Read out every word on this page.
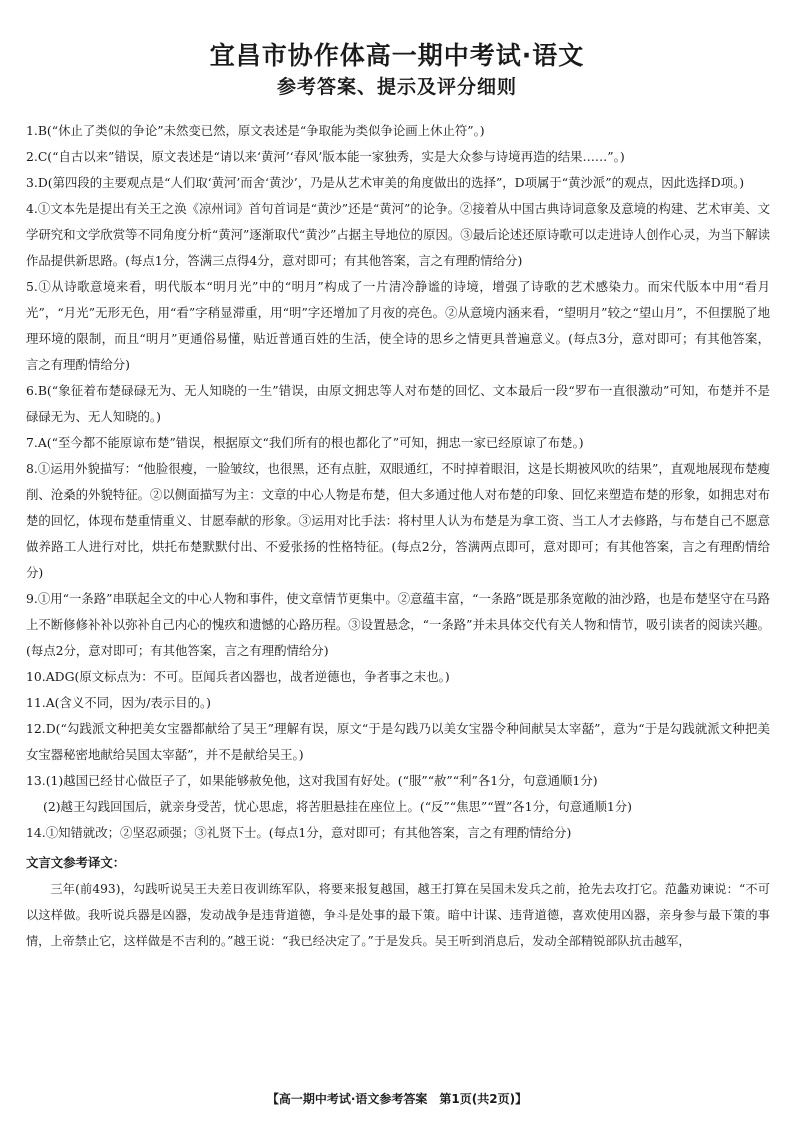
宜昌市协作体高一期中考试·语文
参考答案、提示及评分细则

1.B(“休止了类似的争论”未然变已然，原文表述是“争取能为类似争论画上休止符”。)

2.C(“自古以来”错误，原文表述是“请以来‘黄河’‘春风’版本能一家独秀，实是大众参与诗境再造的结果……”。)

3.D(第四段的主要观点是“人们取‘黄河’而舍‘黄沙’，乃是从艺术审美的角度做出的选择”，D项属于“黄沙派”的观点，因此选择D项。)

4.①文本先是提出有关王之涣《凉州词》首句首词是“黄沙”还是“黄河”的论争。②接着从中国古典诗词意象及意境的构建、艺术审美、文学研究和文学欣赏等不同角度分析“黄河”逐渐取代“黄沙”占据主导地位的原因。③最后论述还原诗歌可以走进诗人创作心灵，为当下解读作品提供新思路。(每点1分，答满三点得4分，意对即可；有其他答案，言之有理酌情给分)

5.①从诗歌意境来看，明代版本“明月光”中的“明月”构成了一片清冷静谧的诗境，增强了诗歌的艺术感染力。而宋代版本中用“看月光”，“月光”无形无色，用“看”字稍显滞重，用“明”字还增加了月夜的亮色。②从意境内涵来看，“望明月”较之“望山月”，不但摆脱了地理环境的限制，而且“明月”更通俗易懂，贴近普通百姓的生活，使全诗的思乡之情更具普遍意义。(每点3分，意对即可；有其他答案，言之有理酌情给分)

6.B(“象征着布楚碌碌无为、无人知晓的一生”错误，由原文拥忠等人对布楚的回忆、文本最后一段“罗布一直很激动”可知，布楚并不是碌碌无为、无人知晓的。)

7.A(“至今都不能原谅布楚”错误，根据原文“我们所有的根也都化了”可知，拥忠一家已经原谅了布楚。)

8.①运用外貌描写：“他脸很瘦，一脸皱纹，也很黑，还有点脏，双眼通红，不时掉着眼泪，这是长期被风吹的结果”，直观地展现布楚瘦削、沧桑的外貌特征。②以侧面描写为主：文章的中心人物是布楚，但大多通过他人对布楚的印象、回忆来塑造布楚的形象，如拥忠对布楚的回忆，体现布楚重情重义、甘愿奉献的形象。③运用对比手法：将村里人认为布楚是为拿工资、当工人才去修路，与布楚自己不愿意做养路工人进行对比，烘托布楚默默付出、不爱张扬的性格特征。(每点2分，答满两点即可，意对即可；有其他答案，言之有理酌情给分)

9.①用“一条路”串联起全文的中心人物和事件，使文章情节更集中。②意蕴丰富，“一条路”既是那条宽敞的油沙路，也是布楚坚守在马路上不断修修补补以弥补自己内心的愧疚和遗憾的心路历程。③设置悬念，“一条路”并未具体交代有关人物和情节，吸引读者的阅读兴趣。(每点2分，意对即可；有其他答案，言之有理酌情给分)

10.ADG(原文标点为：不可。臣闻兵者凶器也，战者逆德也，争者事之末也。)

11.A(含义不同，因为/表示目的。)

12.D(“勾践派文种把美女宝器都献给了吴王”理解有误，原文“于是勾践乃以美女宝器令种间献吴太宰嚭”，意为“于是勾践就派文种把美女宝器秘密地献给吴国太宰嚭”，并不是献给吴王。)

13.(1)越国已经甘心做臣子了，如果能够赦免他，这对我国有好处。(“服”“赦”“利”各1分，句意通顺1分)

(2)越王勾践回国后，就亲身受苦，忧心思虑，将苦胆悬挂在座位上。(“反”“焦思”“置”各1分，句意通顺1分)

14.①知错就改；②坚忍顽强；③礼贤下士。(每点1分，意对即可；有其他答案，言之有理酌情给分)

文言文参考译文：

三年(前493)，勾践听说吴王夫差日夜训练军队，将要来报复越国，越王打算在吴国未发兵之前，抢先去攻打它。范蠡劝谏说：“不可以这样做。我听说兵器是凶器，发动战争是违背道德，争斗是处事的最下策。暗中计谋、违背道德，喜欢使用凶器，亲身参与最下策的事情，上帝禁止它，这样做是不吉利的。”越王说：“我已经决定了。”于是发兵。吴王听到消息后，发动全部精锐部队抗击越军，

【高一期中考试·语文参考答案　第1页(共2页)】
